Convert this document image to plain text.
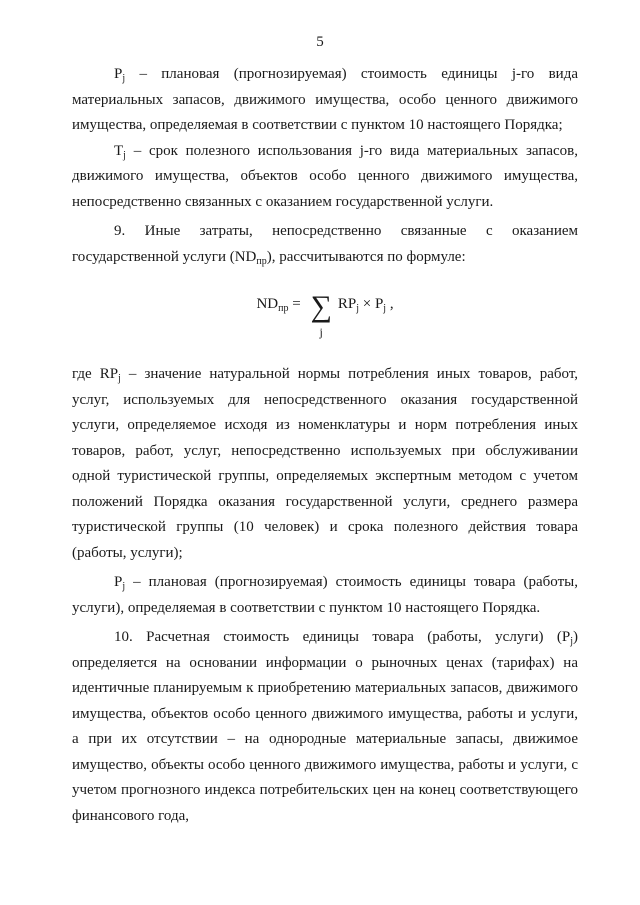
5

$P_j$ – плановая (прогнозируемая) стоимость единицы j-го вида материальных запасов, движимого имущества, особо ценного движимого имущества, определяемая в соответствии с пунктом 10 настоящего Порядка;

$T_j$ – срок полезного использования j-го вида материальных запасов, движимого имущества, объектов особо ценного движимого имущества, непосредственно связанных с оказанием государственной услуги.

9. Иные затраты, непосредственно связанные с оказанием государственной услуги $(ND_{пр})$, рассчитываются по формуле:

$ND_{пр}$ = ∑
j
$RP_j \times P_j$ ,

где $RP_j$ – значение натуральной нормы потребления иных товаров, работ, услуг, используемых для непосредственного оказания государственной услуги, определяемое исходя из номенклатуры и норм потребления иных товаров, работ, услуг, непосредственно используемых при обслуживании одной туристической группы, определяемых экспертным методом с учетом положений Порядка оказания государственной услуги, среднего размера туристической группы (10 человек) и срока полезного действия товара (работы, услуги);

$P_j$ – плановая (прогнозируемая) стоимость единицы товара (работы, услуги), определяемая в соответствии с пунктом 10 настоящего Порядка.

10. Расчетная стоимость единицы товара (работы, услуги) $(P_j)$ определяется на основании информации о рыночных ценах (тарифах) на идентичные планируемым к приобретению материальных запасов, движимого имущества, объектов особо ценного движимого имущества, работы и услуги, а при их отсутствии – на однородные материальные запасы, движимое имущество, объекты особо ценного движимого имущества, работы и услуги, с учетом прогнозного индекса потребительских цен на конец соответствующего финансового года,
